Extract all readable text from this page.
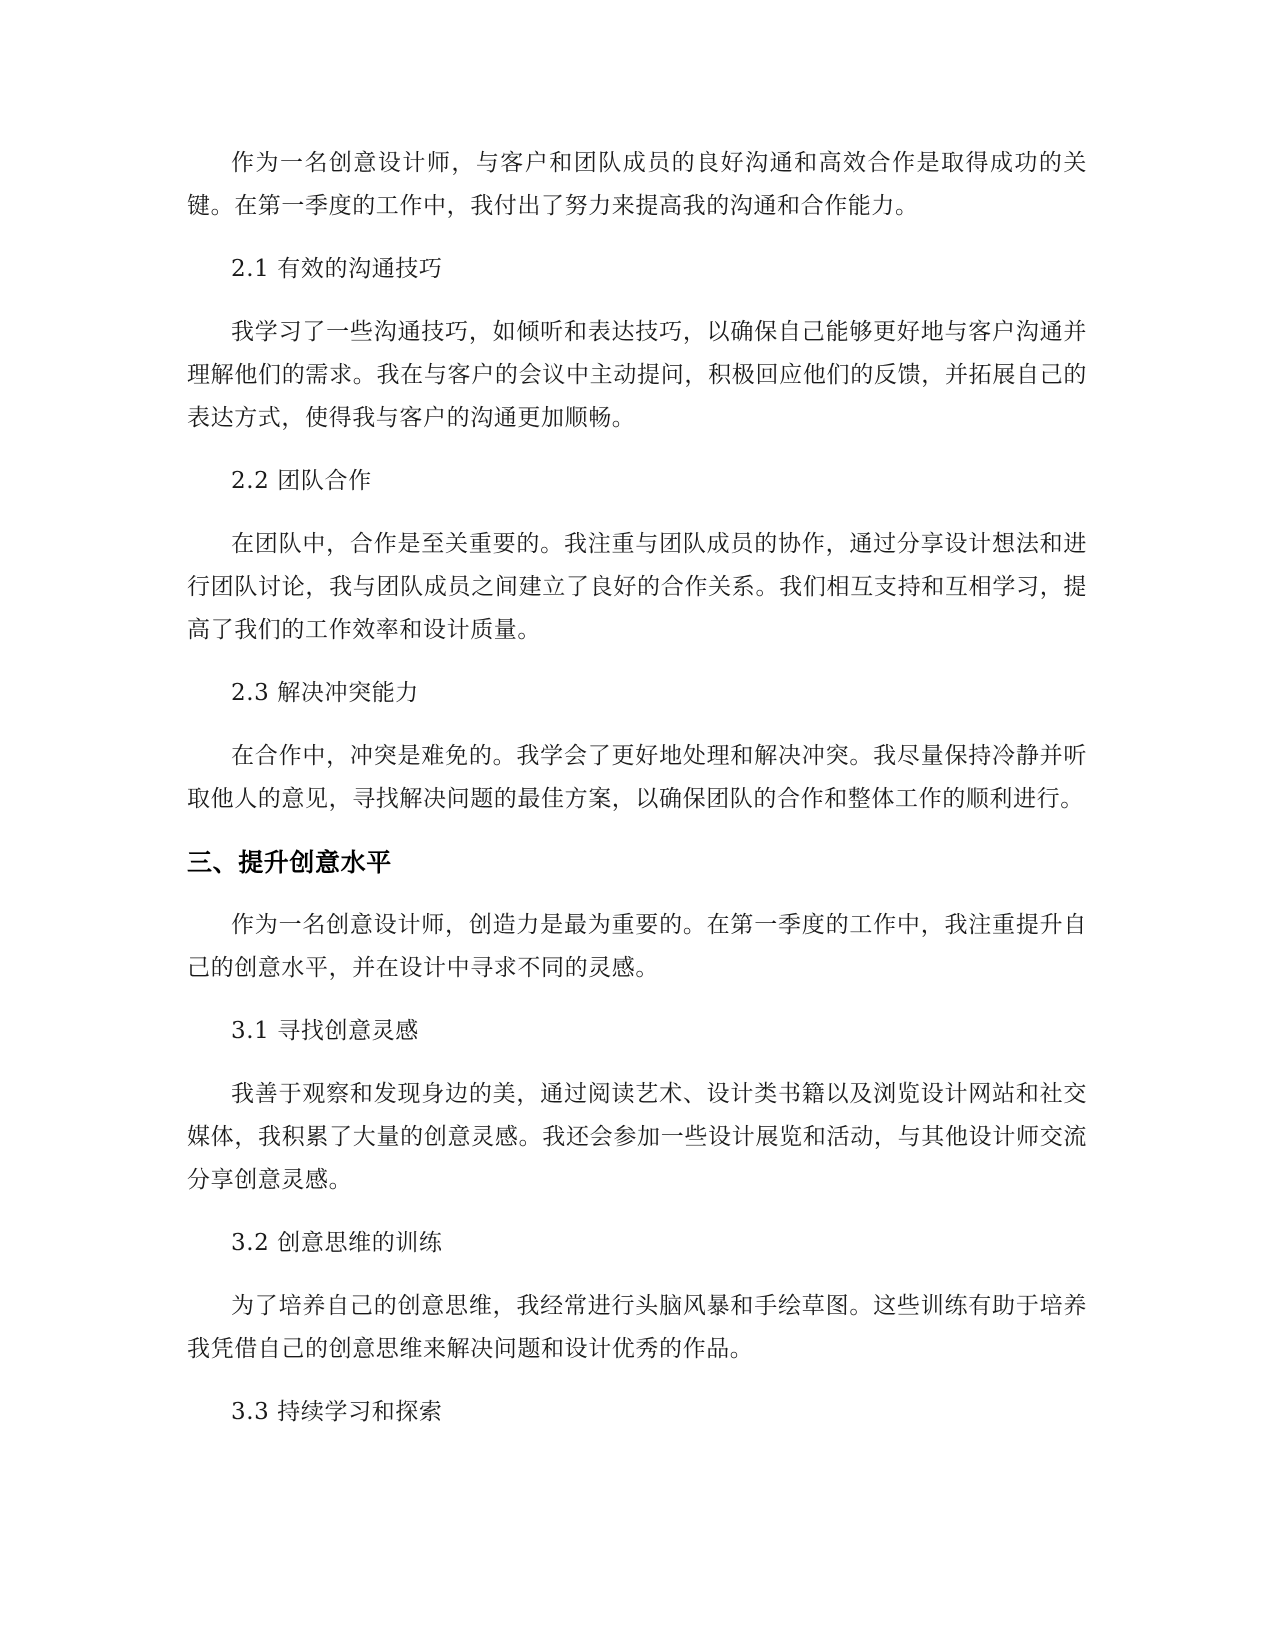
作为一名创意设计师，与客户和团队成员的良好沟通和高效合作是取得成功的关键。在第一季度的工作中，我付出了努力来提高我的沟通和合作能力。

2.1 有效的沟通技巧

我学习了一些沟通技巧，如倾听和表达技巧，以确保自己能够更好地与客户沟通并理解他们的需求。我在与客户的会议中主动提问，积极回应他们的反馈，并拓展自己的表达方式，使得我与客户的沟通更加顺畅。

2.2 团队合作

在团队中，合作是至关重要的。我注重与团队成员的协作，通过分享设计想法和进行团队讨论，我与团队成员之间建立了良好的合作关系。我们相互支持和互相学习，提高了我们的工作效率和设计质量。

2.3 解决冲突能力

在合作中，冲突是难免的。我学会了更好地处理和解决冲突。我尽量保持冷静并听取他人的意见，寻找解决问题的最佳方案，以确保团队的合作和整体工作的顺利进行。

三、提升创意水平

作为一名创意设计师，创造力是最为重要的。在第一季度的工作中，我注重提升自己的创意水平，并在设计中寻求不同的灵感。

3.1 寻找创意灵感

我善于观察和发现身边的美，通过阅读艺术、设计类书籍以及浏览设计网站和社交媒体，我积累了大量的创意灵感。我还会参加一些设计展览和活动，与其他设计师交流分享创意灵感。

3.2 创意思维的训练

为了培养自己的创意思维，我经常进行头脑风暴和手绘草图。这些训练有助于培养我凭借自己的创意思维来解决问题和设计优秀的作品。

3.3 持续学习和探索
